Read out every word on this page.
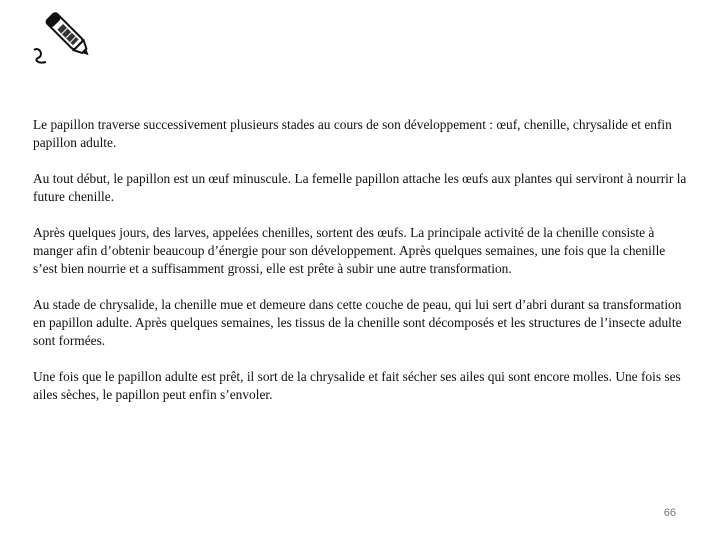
Le papillon traverse successivement plusieurs stades au cours de son développement : œuf, chenille, chrysalide et enfin papillon adulte.

Au tout début, le papillon est un œuf minuscule. La femelle papillon attache les œufs aux plantes qui serviront à nourrir la future chenille.

Après quelques jours, des larves, appelées chenilles, sortent des œufs. La principale activité de la chenille consiste à manger afin d’obtenir beaucoup d’énergie pour son développement. Après quelques semaines, une fois que la chenille s’est bien nourrie et a suffisamment grossi, elle est prête à subir une autre transformation.

Au stade de chrysalide, la chenille mue et demeure dans cette couche de peau, qui lui sert d’abri durant sa transformation en papillon adulte. Après quelques semaines, les tissus de la chenille sont décomposés et les structures de l’insecte adulte sont formées.

Une fois que le papillon adulte est prêt, il sort de la chrysalide et fait sécher ses ailes qui sont encore molles. Une fois ses ailes sèches, le papillon peut enfin s’envoler.

66
